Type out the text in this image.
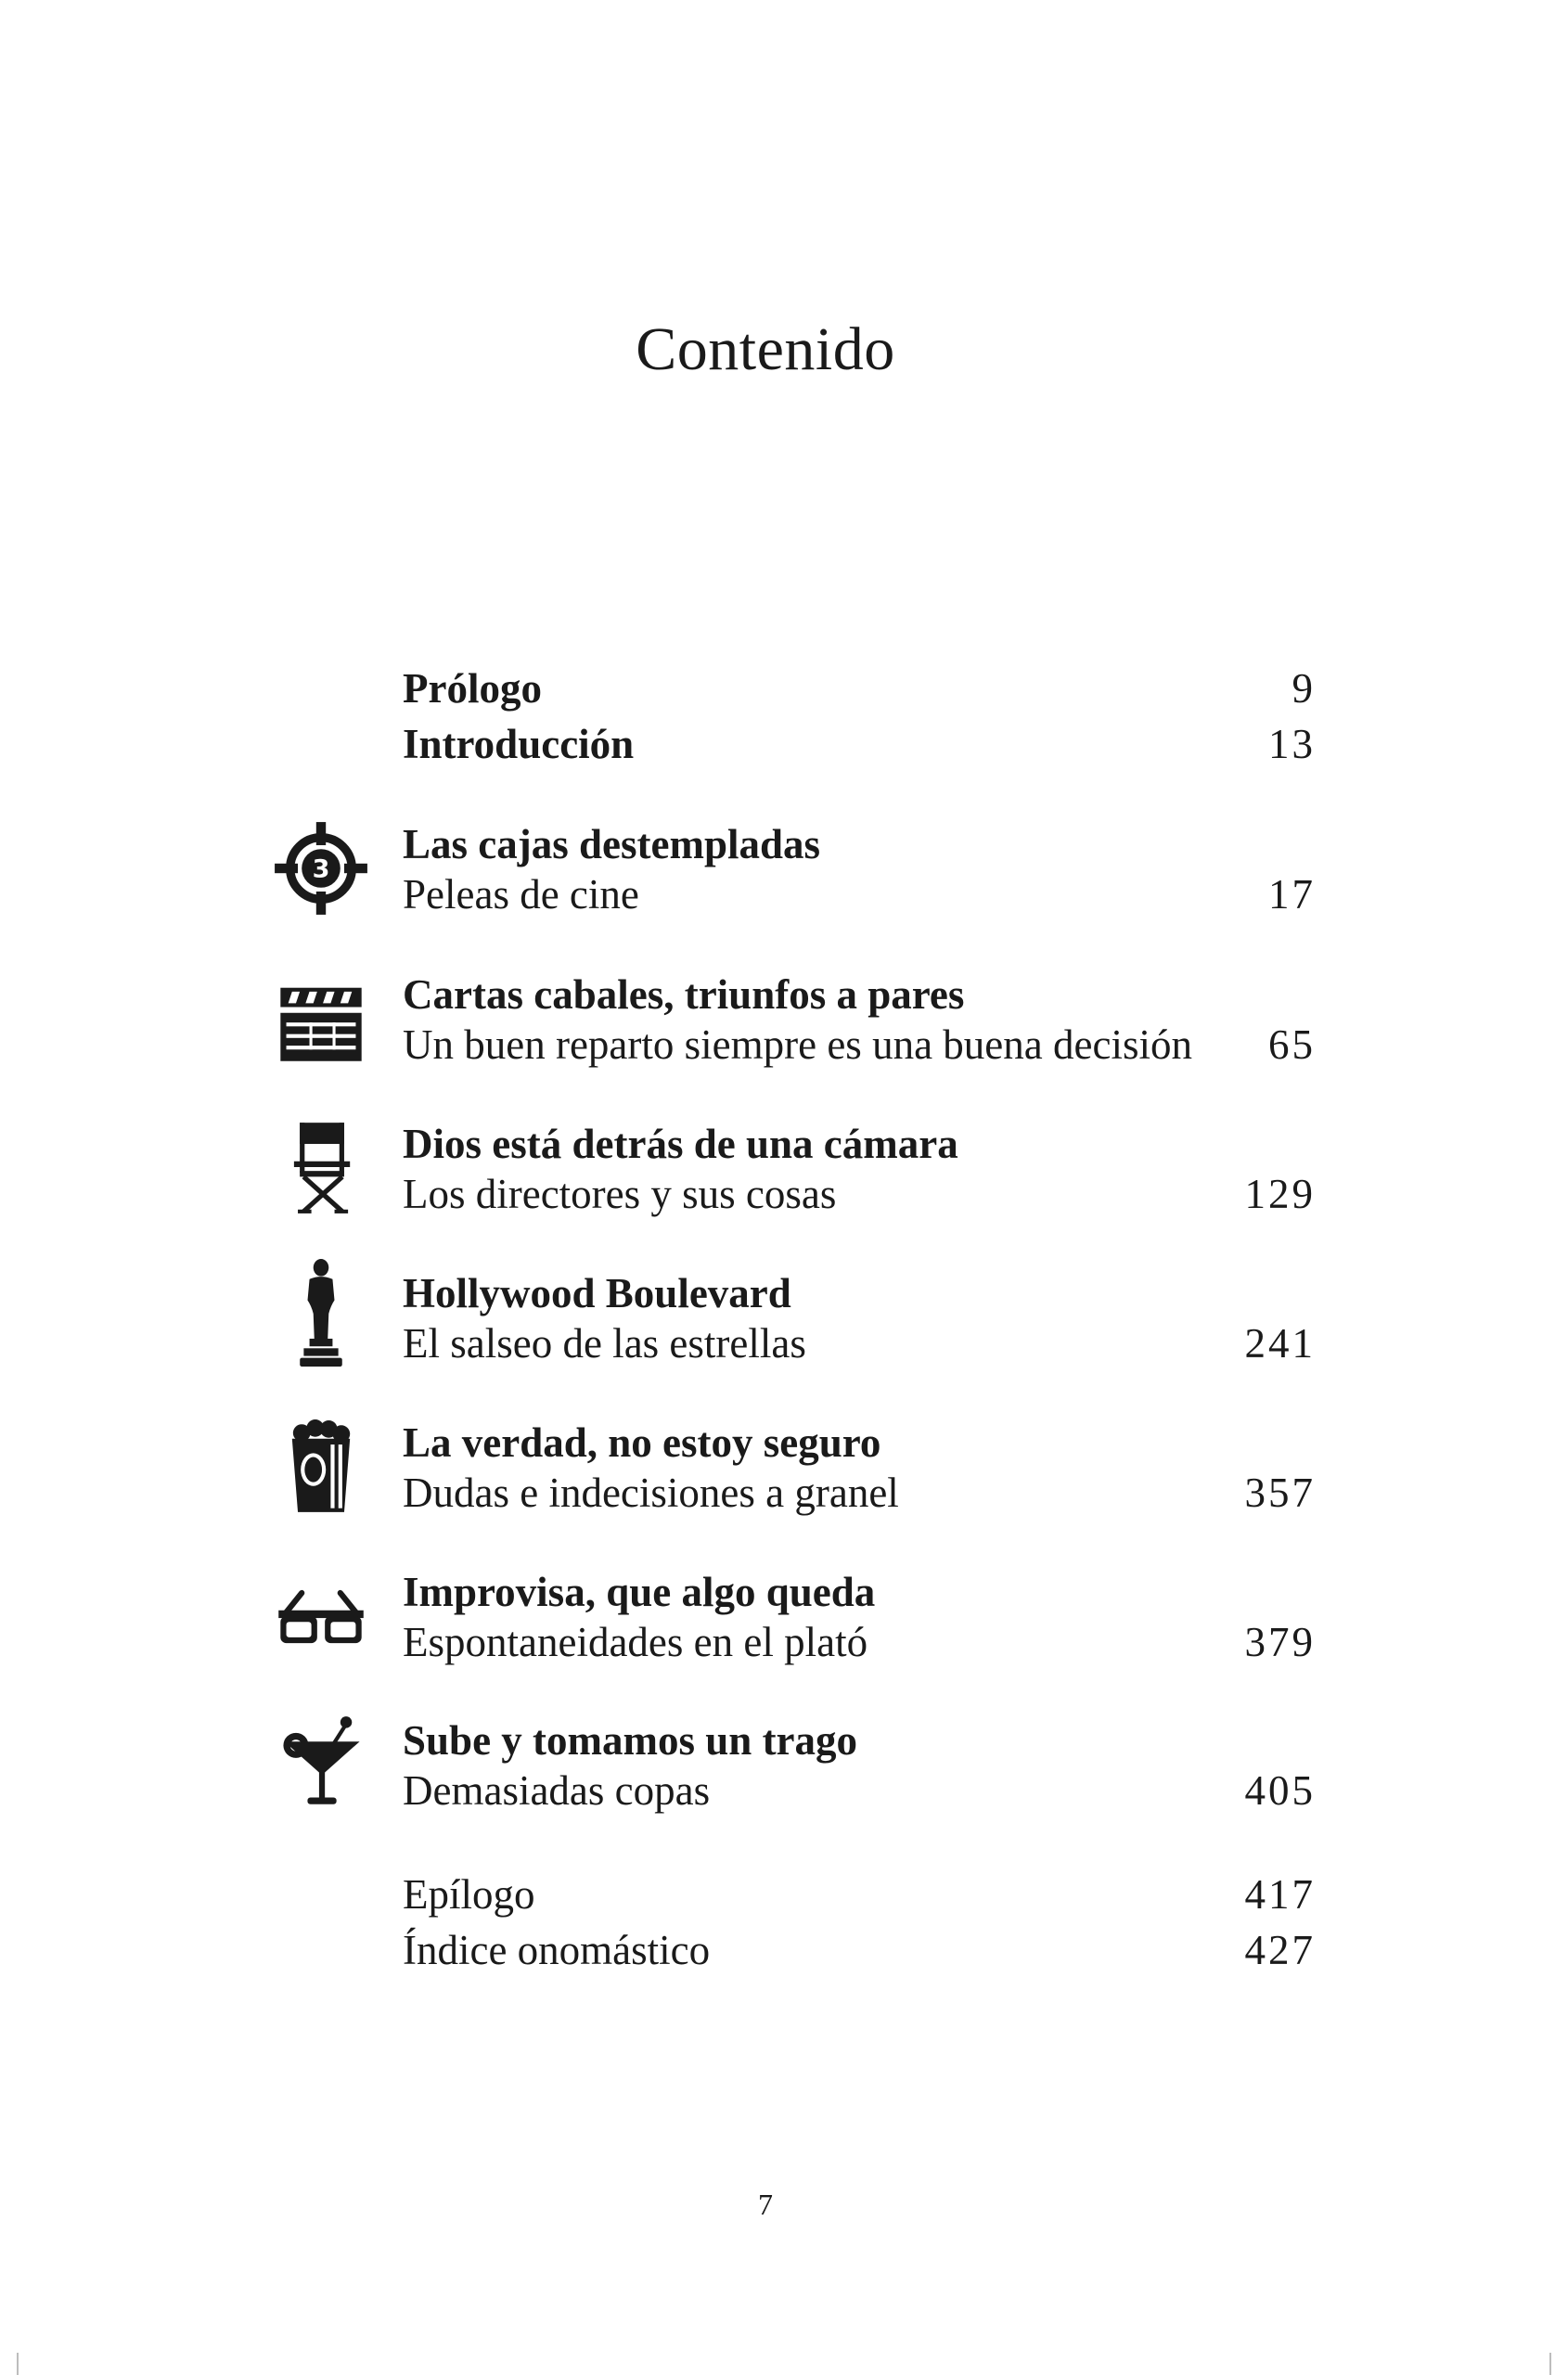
Contenido
Prólogo	9
Introducción	13
3
Las cajas destempladas
Peleas de cine	17
Cartas cabales, triunfos a pares
Un buen reparto siempre es una buena decisión 65
Dios está detrás de una cámara
Los directores y sus cosas	129
Hollywood Boulevard
El salseo de las estrellas	241
La verdad, no estoy seguro
Dudas e indecisiones a granel	357
Improvisa, que algo queda
Espontaneidades en el plató	379
Sube y tomamos un trago
Demasiadas copas	405
Epílogo	417
Índice onomástico	427
7
